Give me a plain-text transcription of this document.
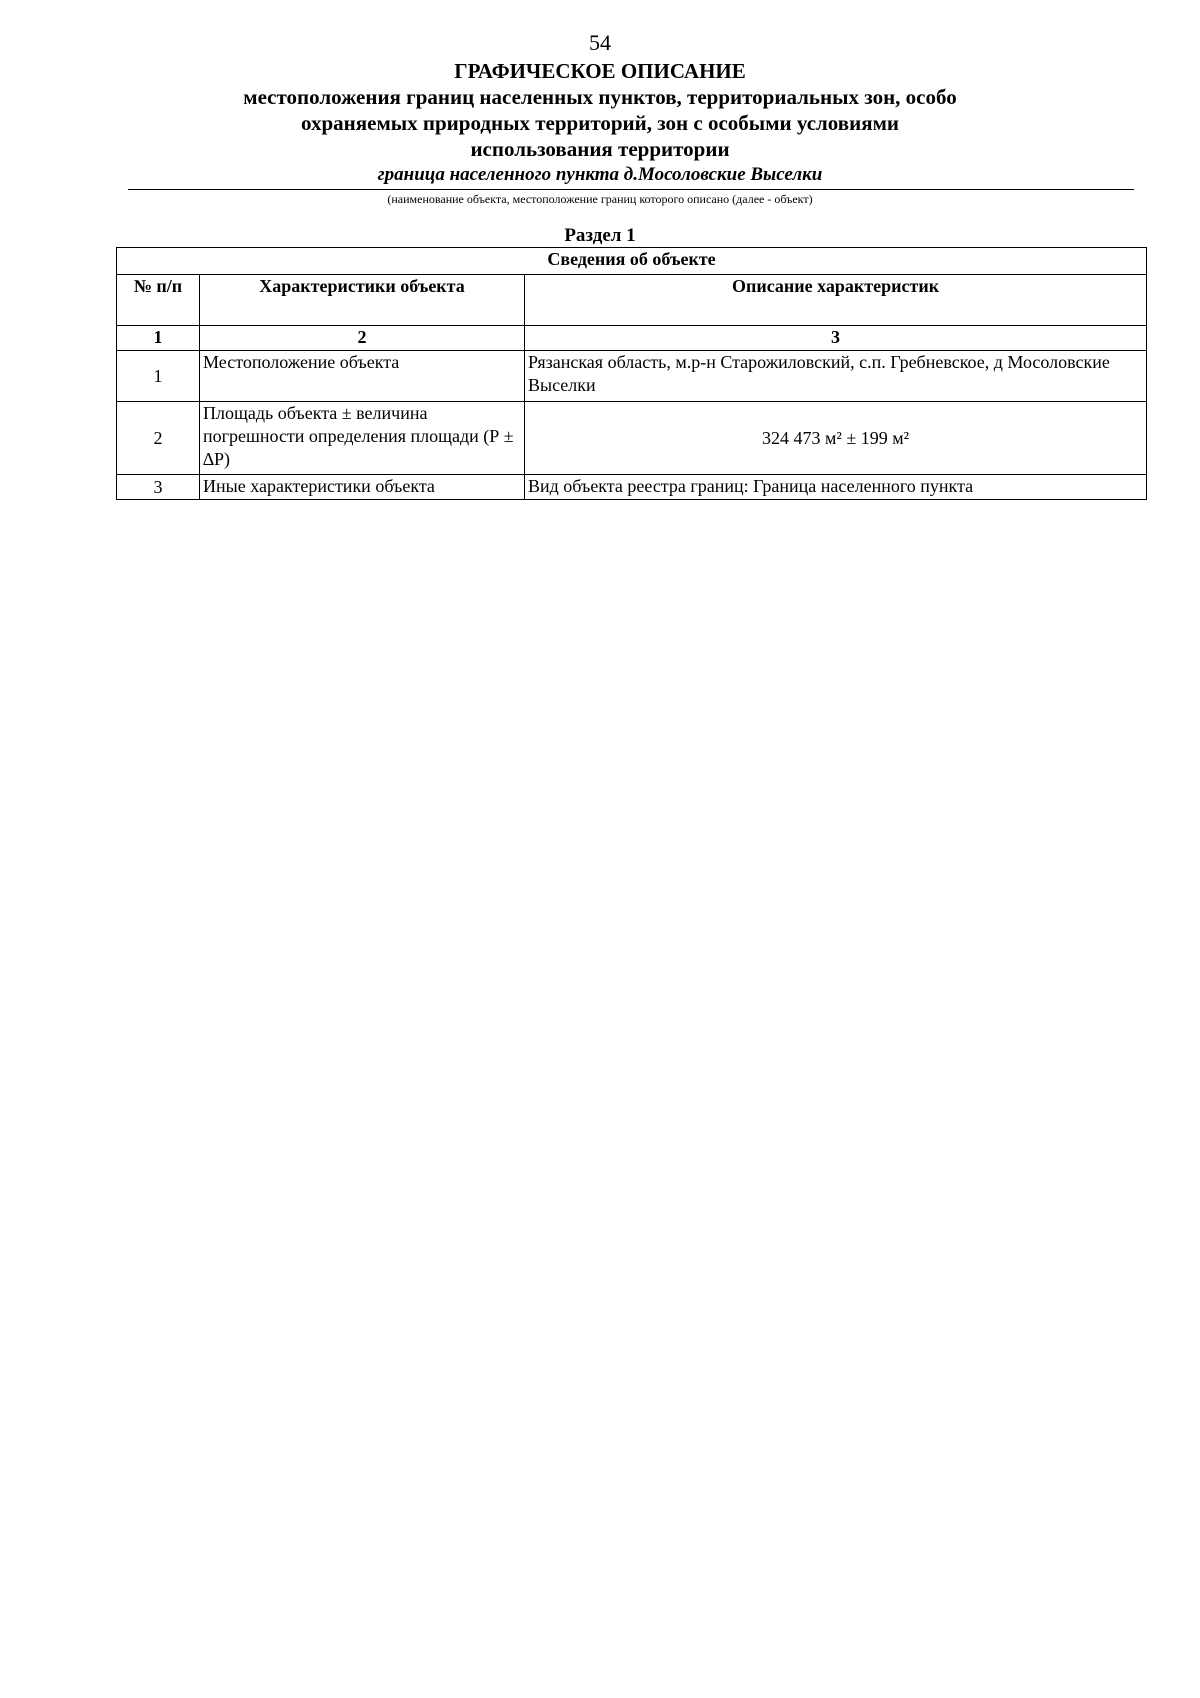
54
ГРАФИЧЕСКОЕ ОПИСАНИЕ
местоположения границ населенных пунктов, территориальных зон, особо охраняемых природных территорий, зон с особыми условиями использования территории
граница населенного пункта д.Мосоловские Выселки
(наименование объекта, местоположение границ которого описано (далее - объект)
Раздел 1
Сведения об объекте		
№ п/п	Характеристики объекта	Описание характеристик
1	2	3
1	Местоположение объекта	Рязанская область, м.р-н Старожиловский, с.п. Гребневское, д Мосоловские Выселки
2	Площадь объекта ± величина погрешности определения площади (Р ± ∆Р)	324 473 м² ± 199 м²
3	Иные характеристики объекта	Вид объекта реестра границ: Граница населенного пункта
